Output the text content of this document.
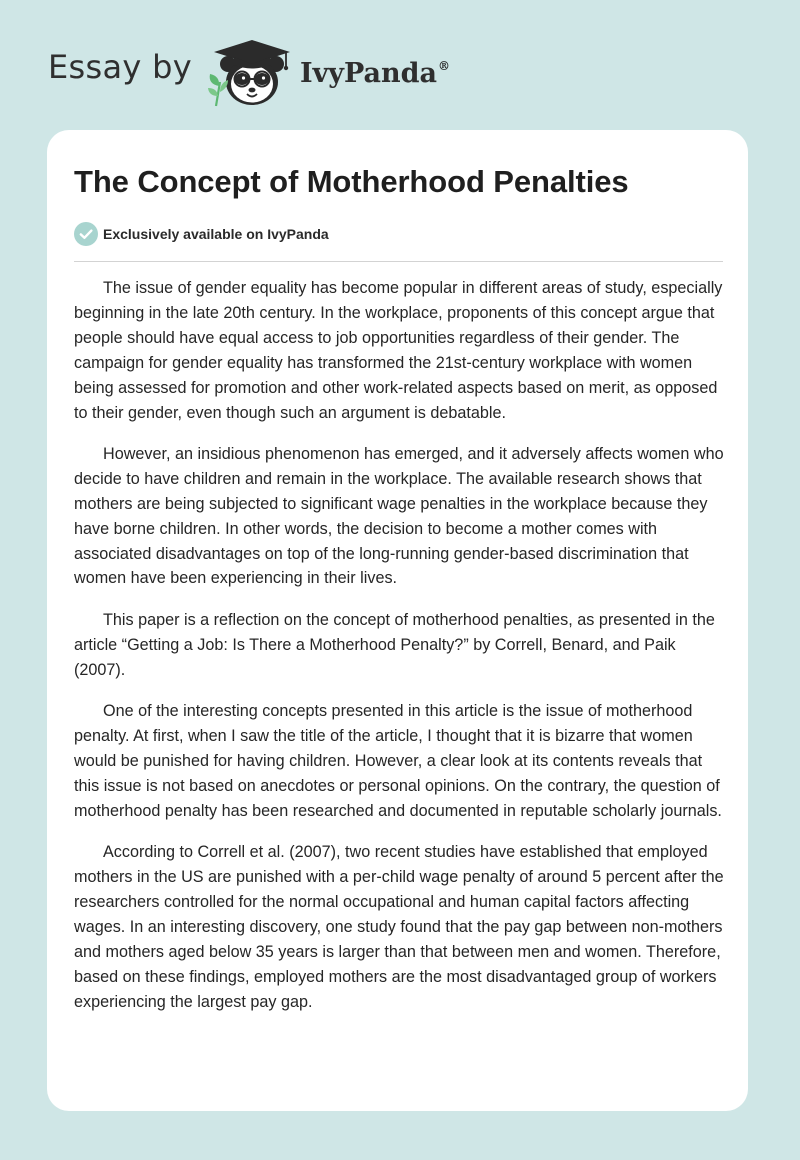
Essay by	IvyPanda®
The Concept of Motherhood Penalties
Exclusively available on IvyPanda

The issue of gender equality has become popular in different areas of study, especially beginning in the late 20th century. In the workplace, proponents of this concept argue that people should have equal access to job opportunities regardless of their gender. The campaign for gender equality has transformed the 21st-century workplace with women being assessed for promotion and other work-related aspects based on merit, as opposed to their gender, even though such an argument is debatable.

However, an insidious phenomenon has emerged, and it adversely affects women who decide to have children and remain in the workplace. The available research shows that mothers are being subjected to significant wage penalties in the workplace because they have borne children. In other words, the decision to become a mother comes with associated disadvantages on top of the long-running gender-based discrimination that women have been experiencing in their lives.

This paper is a reflection on the concept of motherhood penalties, as presented in the article “Getting a Job: Is There a Motherhood Penalty?” by Correll, Benard, and Paik (2007).

One of the interesting concepts presented in this article is the issue of motherhood penalty. At first, when I saw the title of the article, I thought that it is bizarre that women would be punished for having children. However, a clear look at its contents reveals that this issue is not based on anecdotes or personal opinions. On the contrary, the question of motherhood penalty has been researched and documented in reputable scholarly journals.

According to Correll et al. (2007), two recent studies have established that employed mothers in the US are punished with a per-child wage penalty of around 5 percent after the researchers controlled for the normal occupational and human capital factors affecting wages. In an interesting discovery, one study found that the pay gap between non-mothers and mothers aged below 35 years is larger than that between men and women. Therefore, based on these findings, employed mothers are the most disadvantaged group of workers experiencing the largest pay gap.
